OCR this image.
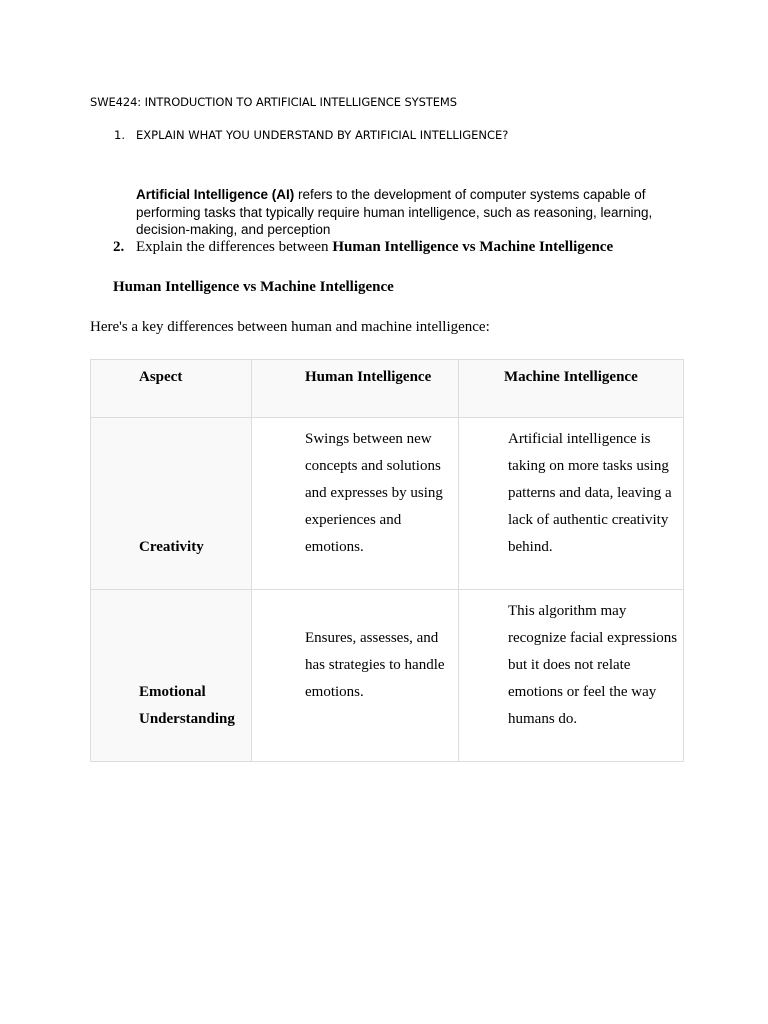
SWE424: INTRODUCTION TO ARTIFICIAL INTELLIGENCE SYSTEMS
1. EXPLAIN WHAT YOU UNDERSTAND BY ARTIFICIAL INTELLIGENCE?
Artificial Intelligence (AI) refers to the development of computer systems capable of performing tasks that typically require human intelligence, such as reasoning, learning, decision-making, and perception
2. Explain the differences between Human Intelligence vs Machine Intelligence
Human Intelligence vs Machine Intelligence
Here's a key differences between human and machine intelligence:
Aspect	Human Intelligence	Machine Intelligence

Creativity	Swings between new concepts and solutions and expresses by using experiences and emotions.	Artificial intelligence is taking on more tasks using patterns and data, leaving a lack of authentic creativity behind.

Emotional Understanding	Ensures, assesses, and has strategies to handle emotions.	This algorithm may recognize facial expressions but it does not relate emotions or feel the way humans do.
